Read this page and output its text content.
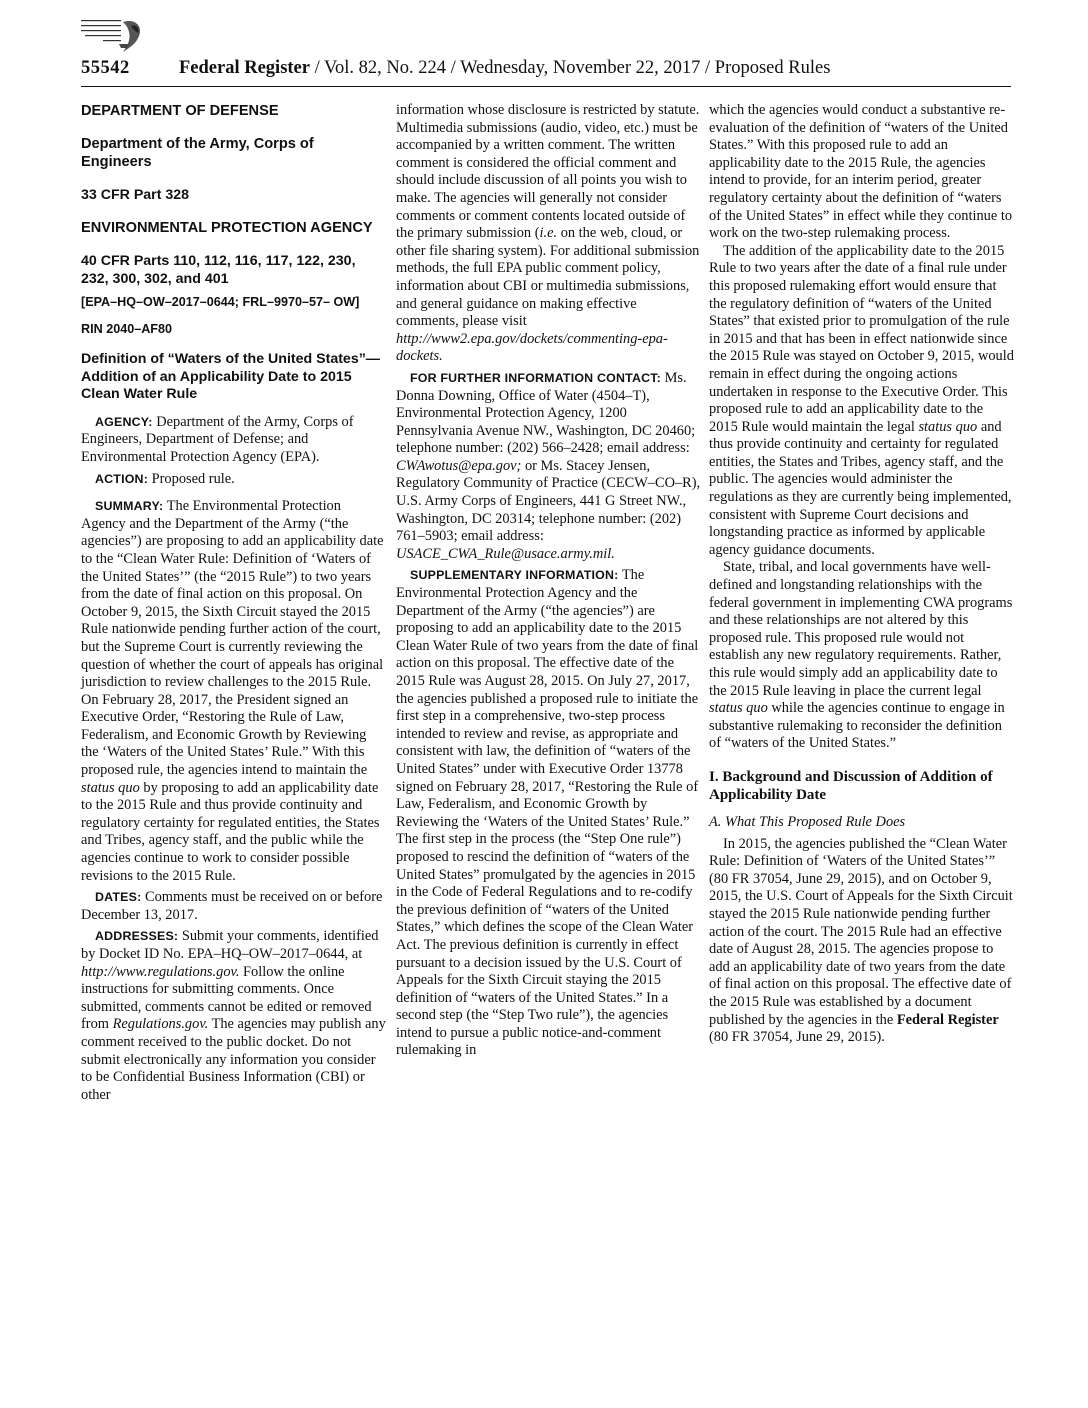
55542	Federal Register / Vol. 82, No. 224 / Wednesday, November 22, 2017 / Proposed Rules

DEPARTMENT OF DEFENSE

Department of the Army, Corps of Engineers

33 CFR Part 328

ENVIRONMENTAL PROTECTION AGENCY

40 CFR Parts 110, 112, 116, 117, 122, 230, 232, 300, 302, and 401

[EPA–HQ–OW–2017–0644; FRL–9970–57– OW]

RIN 2040–AF80

Definition of “Waters of the United States”—Addition of an Applicability Date to 2015 Clean Water Rule

AGENCY: Department of the Army, Corps of Engineers, Department of Defense; and Environmental Protection Agency (EPA).

ACTION: Proposed rule.

SUMMARY: The Environmental Protection Agency and the Department of the Army (“the agencies”) are proposing to add an applicability date to the “Clean Water Rule: Definition of ‘Waters of the United States’” (the “2015 Rule”) to two years from the date of final action on this proposal. On October 9, 2015, the Sixth Circuit stayed the 2015 Rule nationwide pending further action of the court, but the Supreme Court is currently reviewing the question of whether the court of appeals has original jurisdiction to review challenges to the 2015 Rule. On February 28, 2017, the President signed an Executive Order, “Restoring the Rule of Law, Federalism, and Economic Growth by Reviewing the ‘Waters of the United States’ Rule.” With this proposed rule, the agencies intend to maintain the status quo by proposing to add an applicability date to the 2015 Rule and thus provide continuity and regulatory certainty for regulated entities, the States and Tribes, agency staff, and the public while the agencies continue to work to consider possible revisions to the 2015 Rule.

DATES: Comments must be received on or before December 13, 2017.

ADDRESSES: Submit your comments, identified by Docket ID No. EPA–HQ–OW–2017–0644, at http://www.regulations.gov. Follow the online instructions for submitting comments. Once submitted, comments cannot be edited or removed from Regulations.gov. The agencies may publish any comment received to the public docket. Do not submit electronically any information you consider to be Confidential Business Information (CBI) or other

information whose disclosure is restricted by statute. Multimedia submissions (audio, video, etc.) must be accompanied by a written comment. The written comment is considered the official comment and should include discussion of all points you wish to make. The agencies will generally not consider comments or comment contents located outside of the primary submission (i.e. on the web, cloud, or other file sharing system). For additional submission methods, the full EPA public comment policy, information about CBI or multimedia submissions, and general guidance on making effective comments, please visit http://www2.epa.gov/dockets/commenting-epa-dockets.

FOR FURTHER INFORMATION CONTACT: Ms. Donna Downing, Office of Water (4504–T), Environmental Protection Agency, 1200 Pennsylvania Avenue NW., Washington, DC 20460; telephone number: (202) 566–2428; email address: CWAwotus@epa.gov; or Ms. Stacey Jensen, Regulatory Community of Practice (CECW–CO–R), U.S. Army Corps of Engineers, 441 G Street NW., Washington, DC 20314; telephone number: (202) 761–5903; email address: USACE_CWA_Rule@usace.army.mil.

SUPPLEMENTARY INFORMATION: The Environmental Protection Agency and the Department of the Army (“the agencies”) are proposing to add an applicability date to the 2015 Clean Water Rule of two years from the date of final action on this proposal. The effective date of the 2015 Rule was August 28, 2015. On July 27, 2017, the agencies published a proposed rule to initiate the first step in a comprehensive, two-step process intended to review and revise, as appropriate and consistent with law, the definition of “waters of the United States” under with Executive Order 13778 signed on February 28, 2017, “Restoring the Rule of Law, Federalism, and Economic Growth by Reviewing the ‘Waters of the United States’ Rule.” The first step in the process (the “Step One rule”) proposed to rescind the definition of “waters of the United States” promulgated by the agencies in 2015 in the Code of Federal Regulations and to re-codify the previous definition of “waters of the United States,” which defines the scope of the Clean Water Act. The previous definition is currently in effect pursuant to a decision issued by the U.S. Court of Appeals for the Sixth Circuit staying the 2015 definition of “waters of the United States.” In a second step (the “Step Two rule”), the agencies intend to pursue a public notice-and-comment rulemaking in

which the agencies would conduct a substantive re-evaluation of the definition of “waters of the United States.” With this proposed rule to add an applicability date to the 2015 Rule, the agencies intend to provide, for an interim period, greater regulatory certainty about the definition of “waters of the United States” in effect while they continue to work on the two-step rulemaking process.

The addition of the applicability date to the 2015 Rule to two years after the date of a final rule under this proposed rulemaking effort would ensure that the regulatory definition of “waters of the United States” that existed prior to promulgation of the rule in 2015 and that has been in effect nationwide since the 2015 Rule was stayed on October 9, 2015, would remain in effect during the ongoing actions undertaken in response to the Executive Order. This proposed rule to add an applicability date to the 2015 Rule would maintain the legal status quo and thus provide continuity and certainty for regulated entities, the States and Tribes, agency staff, and the public. The agencies would administer the regulations as they are currently being implemented, consistent with Supreme Court decisions and longstanding practice as informed by applicable agency guidance documents.

State, tribal, and local governments have well-defined and longstanding relationships with the federal government in implementing CWA programs and these relationships are not altered by this proposed rule. This proposed rule would not establish any new regulatory requirements. Rather, this rule would simply add an applicability date to the 2015 Rule leaving in place the current legal status quo while the agencies continue to engage in substantive rulemaking to reconsider the definition of “waters of the United States.”

I. Background and Discussion of Addition of Applicability Date

A. What This Proposed Rule Does

In 2015, the agencies published the “Clean Water Rule: Definition of ‘Waters of the United States’” (80 FR 37054, June 29, 2015), and on October 9, 2015, the U.S. Court of Appeals for the Sixth Circuit stayed the 2015 Rule nationwide pending further action of the court. The 2015 Rule had an effective date of August 28, 2015. The agencies propose to add an applicability date of two years from the date of final action on this proposal. The effective date of the 2015 Rule was established by a document published by the agencies in the Federal Register (80 FR 37054, June 29, 2015).
